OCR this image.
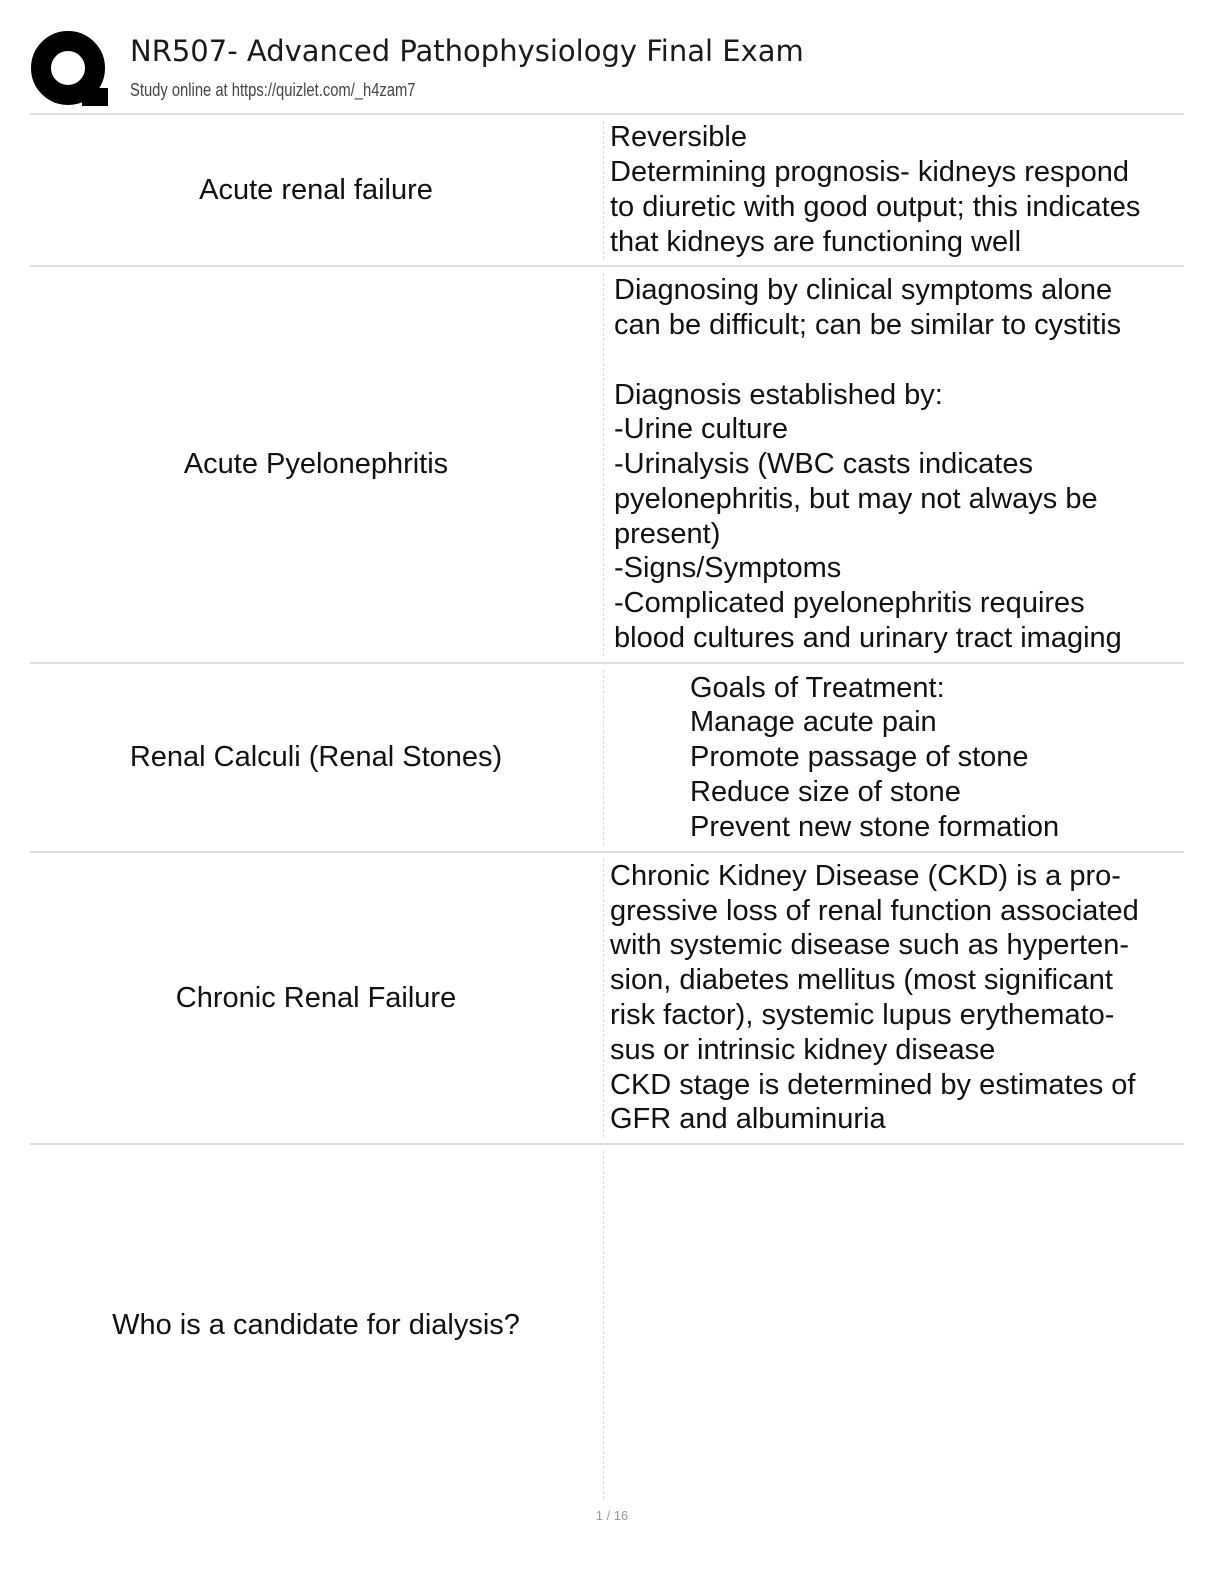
NR507- Advanced Pathophysiology Final Exam
Study online at https://quizlet.com/_h4zam7
Acute renal failure
Reversible
Determining prognosis- kidneys respond
to diuretic with good output; this indicates
that kidneys are functioning well
Acute Pyelonephritis
Diagnosing by clinical symptoms alone
can be difficult; can be similar to cystitis
Diagnosis established by:
-Urine culture
-Urinalysis (WBC casts indicates
pyelonephritis, but may not always be
present)
-Signs/Symptoms
-Complicated pyelonephritis requires
blood cultures and urinary tract imaging
Renal Calculi (Renal Stones)
Goals of Treatment:
Manage acute pain
Promote passage of stone
Reduce size of stone
Prevent new stone formation
Chronic Renal Failure
Chronic Kidney Disease (CKD) is a pro-
gressive loss of renal function associated
with systemic disease such as hyperten-
sion, diabetes mellitus (most significant
risk factor), systemic lupus erythemato-
sus or intrinsic kidney disease
CKD stage is determined by estimates of
GFR and albuminuria
Who is a candidate for dialysis?
1 / 16
